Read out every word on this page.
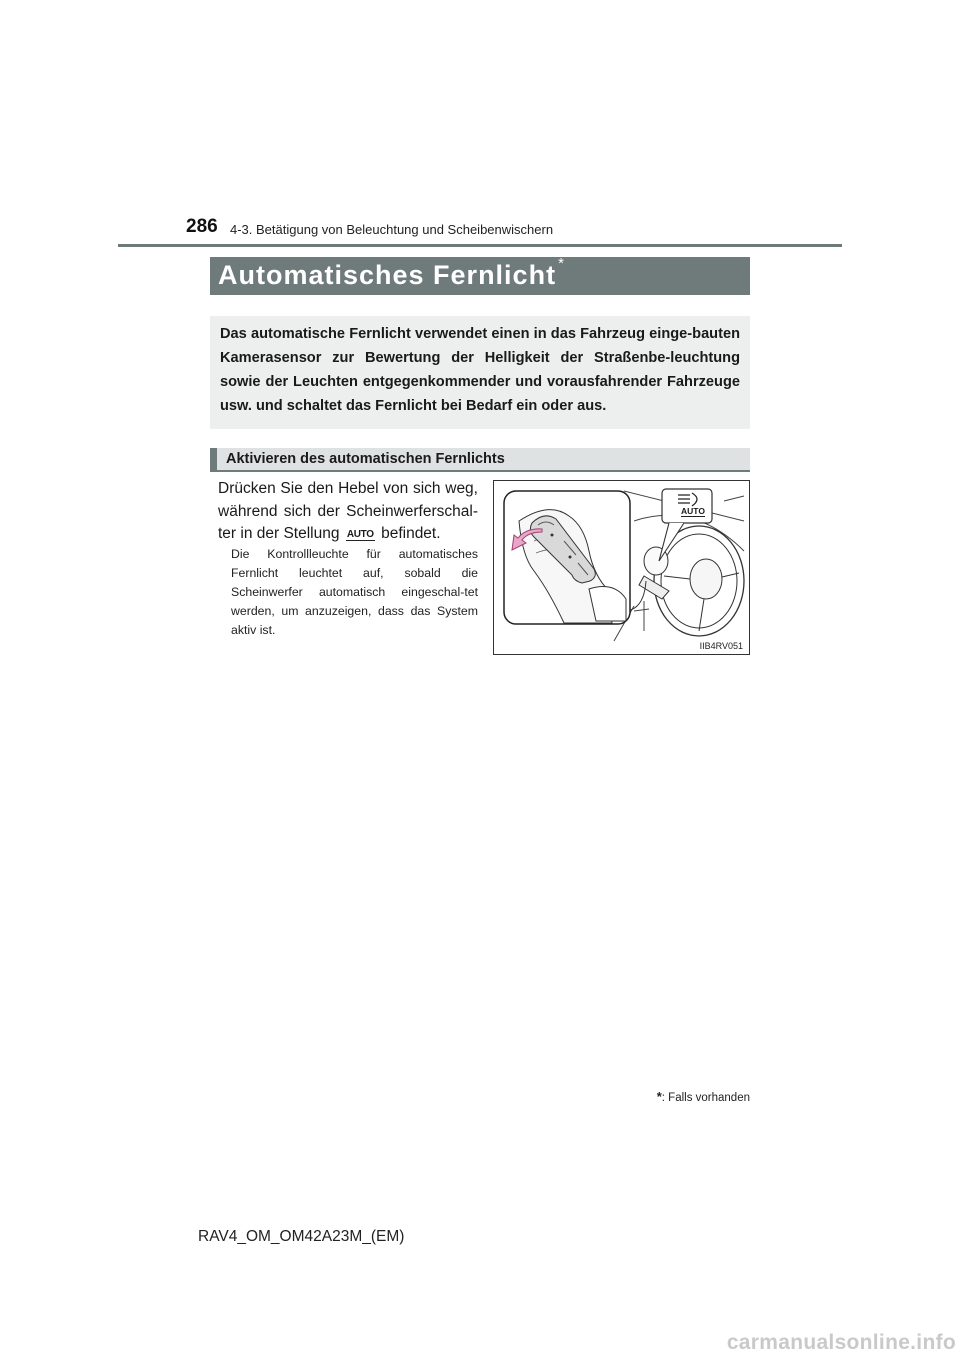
286 4-3. Betätigung von Beleuchtung und Scheibenwischern
Automatisches Fernlicht *
Das automatische Fernlicht verwendet einen in das Fahrzeug einge-bauten Kamerasensor zur Bewertung der Helligkeit der Straßenbe-leuchtung sowie der Leuchten entgegenkommender und vorausfahrender Fahrzeuge usw. und schaltet das Fernlicht bei Bedarf ein oder aus.
Aktivieren des automatischen Fernlichts
Drücken Sie den Hebel von sich weg, während sich der Scheinwerferschal-ter in der Stellung AUTO befindet.
Die Kontrollleuchte für automatisches Fernlicht leuchtet auf, sobald die Scheinwerfer automatisch eingeschal-tet werden, um anzuzeigen, dass das System aktiv ist.
AUTO
IIB4RV051
*: Falls vorhanden
RAV4_OM_OM42A23M_(EM)
carmanualsonline.info
